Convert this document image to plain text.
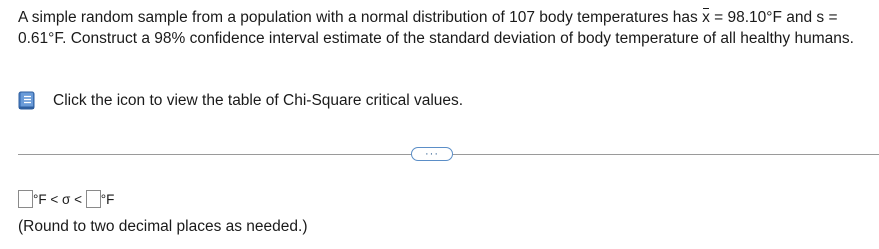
A simple random sample from a population with a normal distribution of 107 body temperatures has x = 98.10°F and s = 0.61°F. Construct a 98% confidence interval estimate of the standard deviation of body temperature of all healthy humans.

Click the icon to view the table of Chi-Square critical values.
···
°F < σ < °F
(Round to two decimal places as needed.)
